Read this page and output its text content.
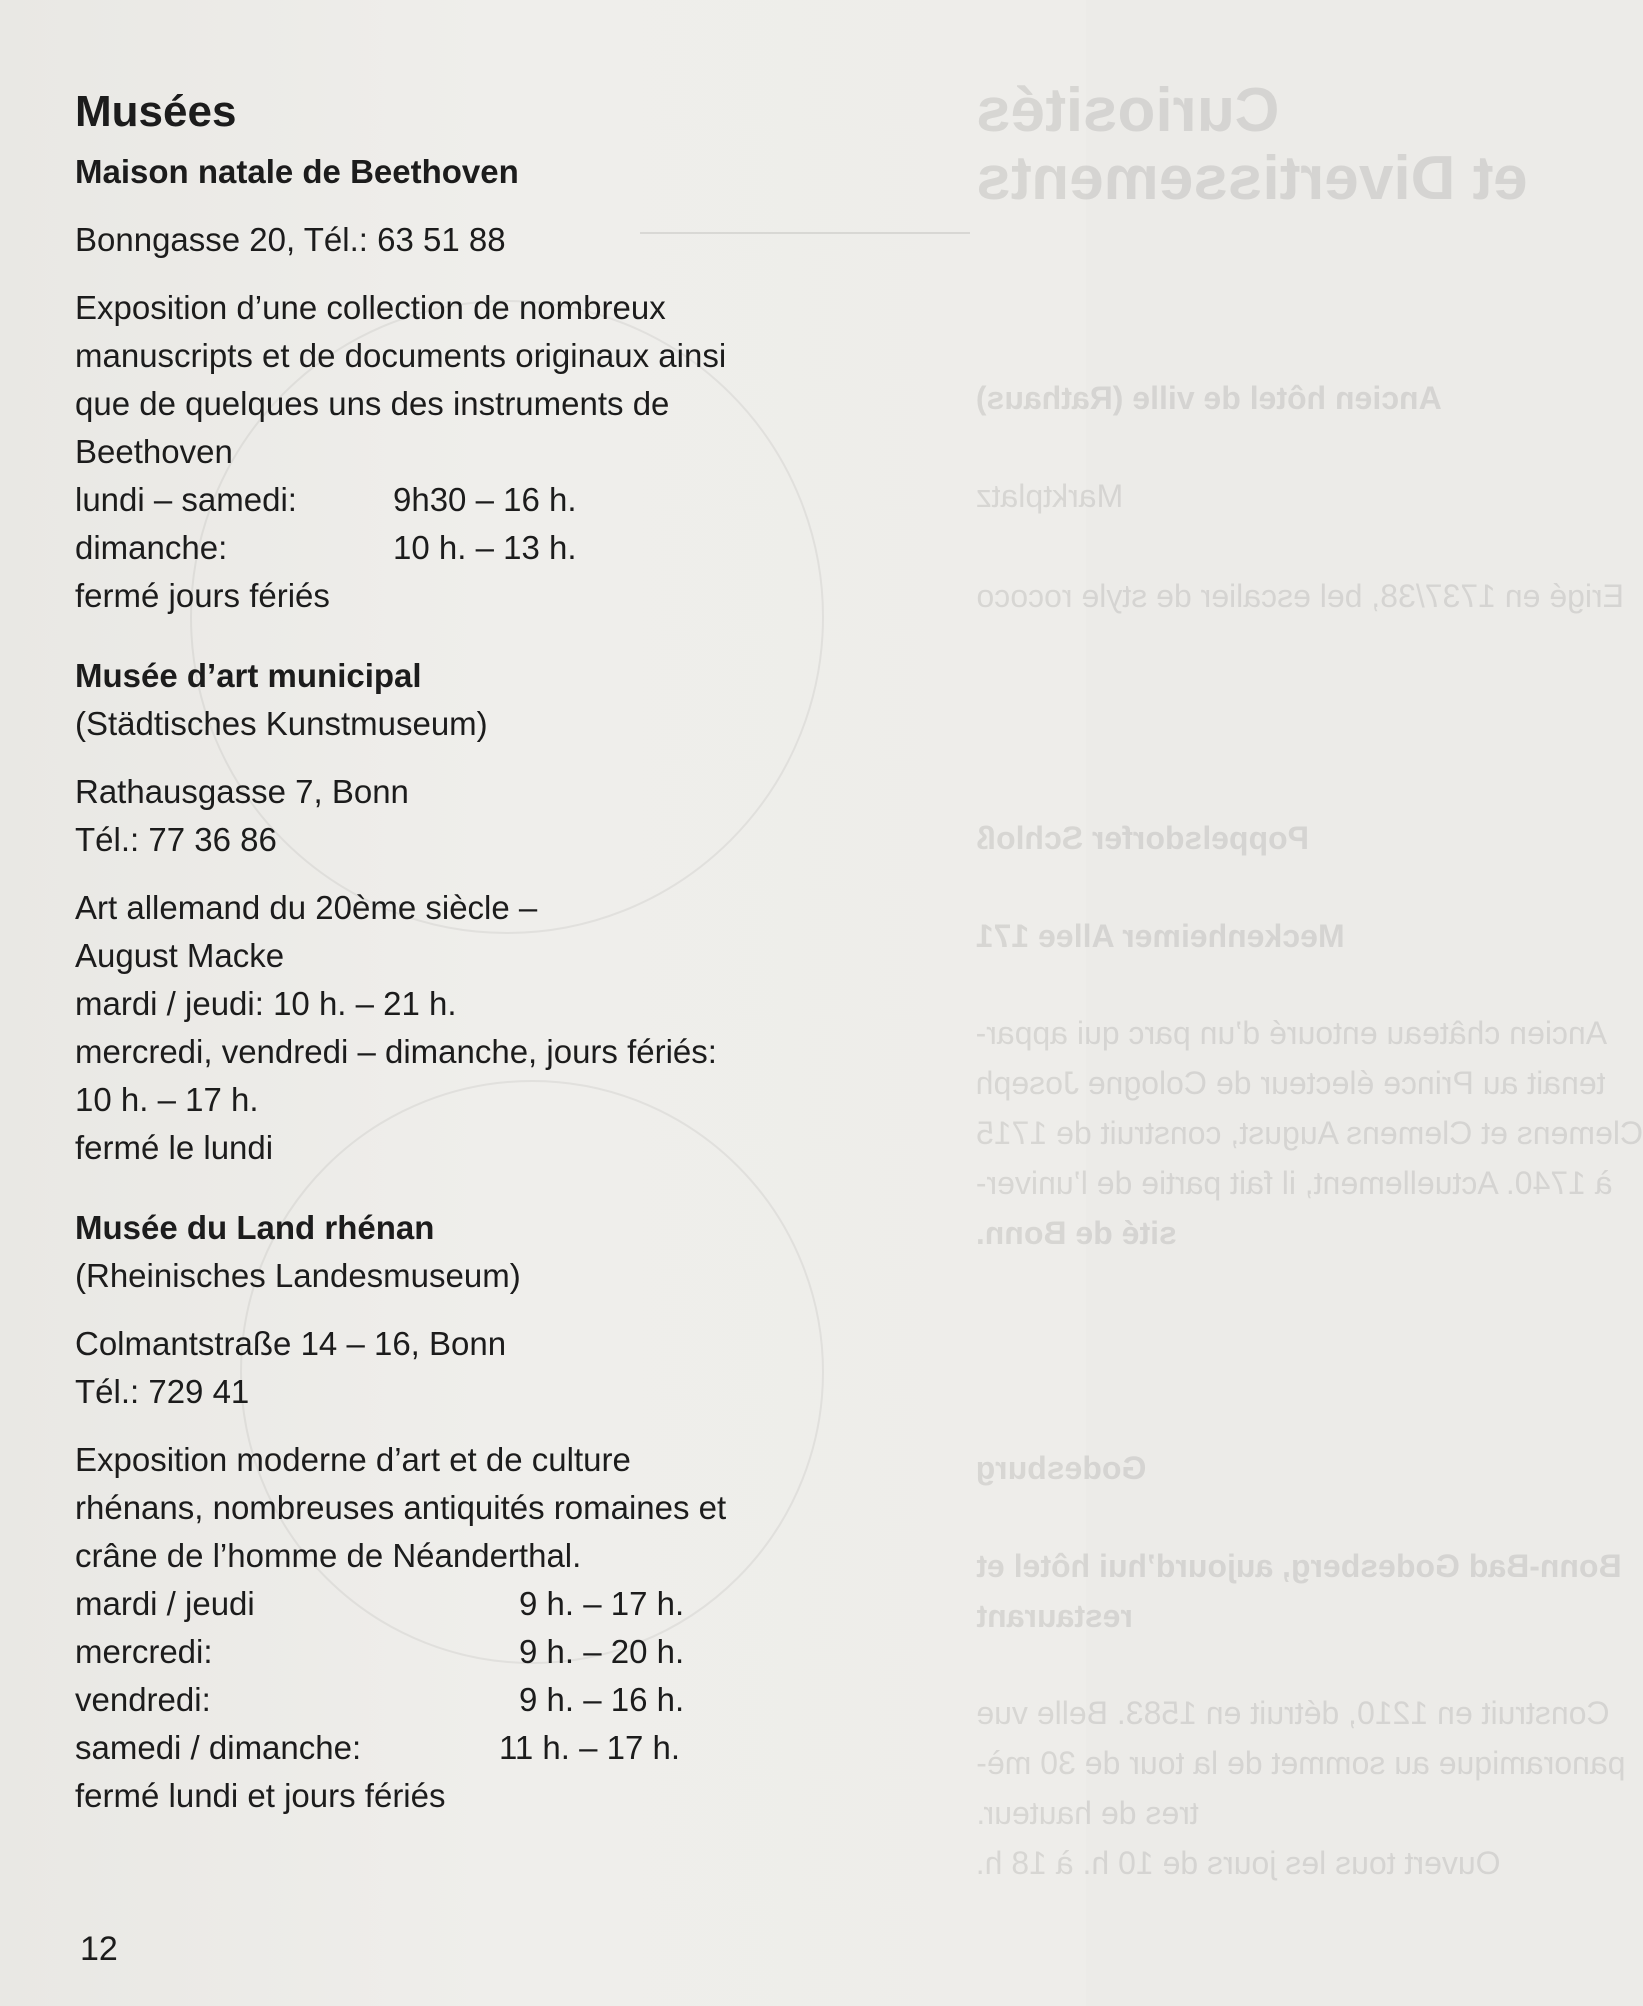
Curiosités
et Divertissements
Ancien hôtel de ville (Rathaus)
Marktplatz
Erigé en 1737/38, bel escalier de style rococo
Poppelsdorfer Schloß
Meckenheimer Allee 171
Ancien château entouré d’un parc qui appar-
tenait au Prince électeur de Cologne Joseph
Clemens et Clemens August, construit de 1715
à 1740. Actuellement, il fait partie de l’univer-
sité de Bonn.
Godesburg
Bonn-Bad Godesberg, aujourd’hui hôtel et
restaurant
Construit en 1210, détruit en 1583. Belle vue
panoramique au sommet de la tour de 30 mè-
tres de hauteur.
Ouvert tous les jours de 10 h. à 18 h.
Musées
Maison natale de Beethoven
Bonngasse 20, Tél.: 63 51 88
Exposition d’une collection de nombreux
manuscripts et de documents originaux ainsi
que de quelques uns des instruments de
Beethoven
lundi – samedi:	9h30 – 16 h.
dimanche:	10 h. – 13 h.
fermé jours fériés
Musée d’art municipal
(Städtisches Kunstmuseum)
Rathausgasse 7, Bonn
Tél.: 77 36 86
Art allemand du 20ème siècle –
August Macke
mardi / jeudi: 10 h. – 21 h.
mercredi, vendredi – dimanche, jours fériés:
10 h. – 17 h.
fermé le lundi
Musée du Land rhénan
(Rheinisches Landesmuseum)
Colmantstraße 14 – 16, Bonn
Tél.: 729 41
Exposition moderne d’art et de culture
rhénans, nombreuses antiquités romaines et
crâne de l’homme de Néanderthal.
mardi / jeudi	9 h. – 17 h.
mercredi:	9 h. – 20 h.
vendredi:	9 h. – 16 h.
samedi / dimanche:	11 h. – 17 h.
fermé lundi et jours fériés
12
